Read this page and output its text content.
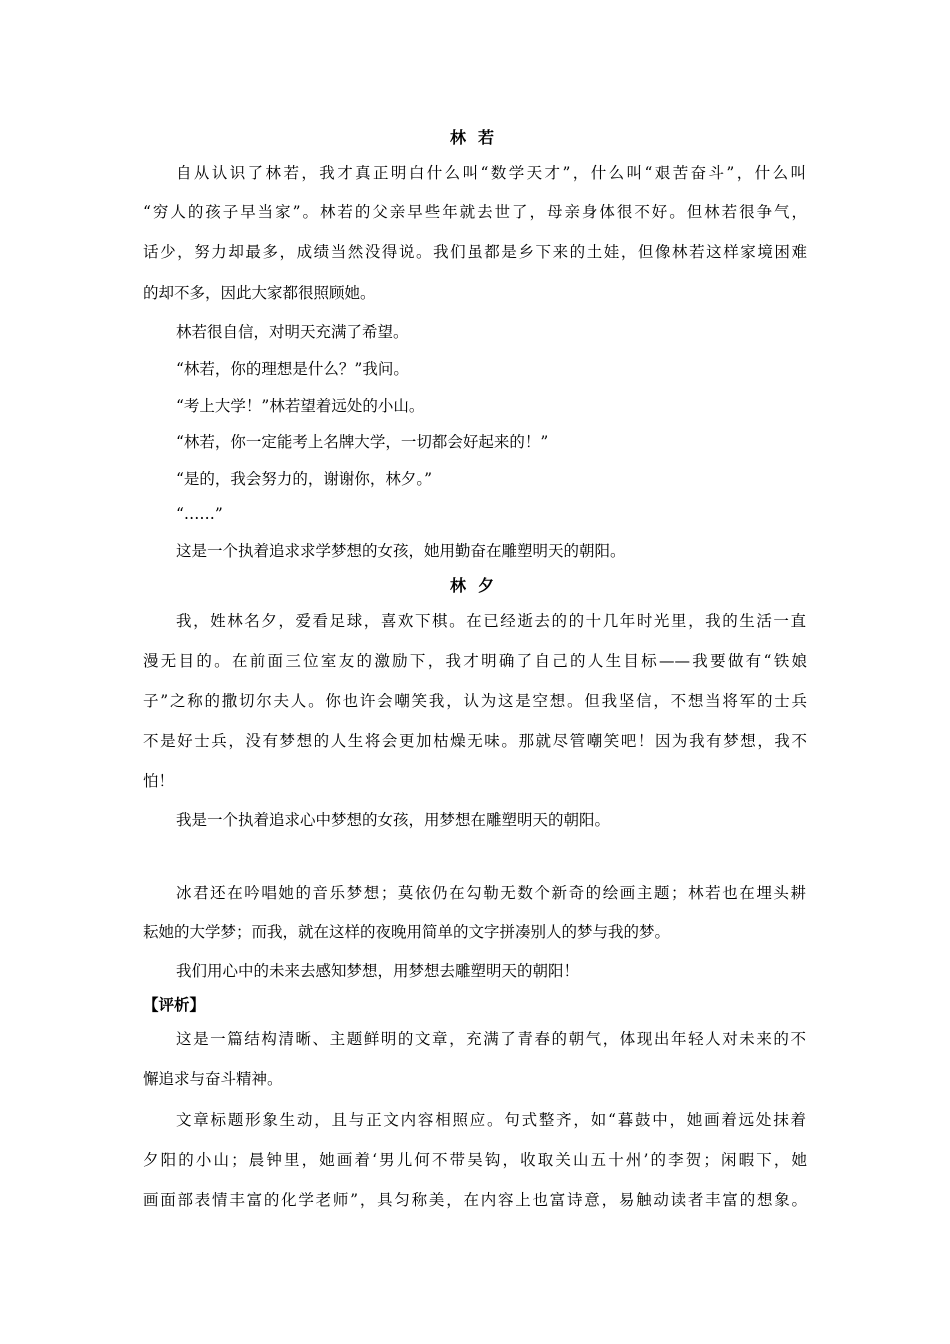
林若
自从认识了林若，我才真正明白什么叫“数学天才”，什么叫“艰苦奋斗”，什么叫
“穷人的孩子早当家”。林若的父亲早些年就去世了，母亲身体很不好。但林若很争气，
话少，努力却最多，成绩当然没得说。我们虽都是乡下来的土娃，但像林若这样家境困难
的却不多，因此大家都很照顾她。
林若很自信，对明天充满了希望。
“林若，你的理想是什么？”我问。
“考上大学！”林若望着远处的小山。
“林若，你一定能考上名牌大学，一切都会好起来的！”
“是的，我会努力的，谢谢你，林夕。”
“……”
这是一个执着追求求学梦想的女孩，她用勤奋在雕塑明天的朝阳。
林夕
我，姓林名夕，爱看足球，喜欢下棋。在已经逝去的的十几年时光里，我的生活一直
漫无目的。在前面三位室友的激励下，我才明确了自己的人生目标——我要做有“铁娘
子”之称的撒切尔夫人。你也许会嘲笑我，认为这是空想。但我坚信，不想当将军的士兵
不是好士兵，没有梦想的人生将会更加枯燥无味。那就尽管嘲笑吧！因为我有梦想，我不
怕！
我是一个执着追求心中梦想的女孩，用梦想在雕塑明天的朝阳。
冰君还在吟唱她的音乐梦想；莫依仍在勾勒无数个新奇的绘画主题；林若也在埋头耕
耘她的大学梦；而我，就在这样的夜晚用简单的文字拼凑别人的梦与我的梦。
我们用心中的未来去感知梦想，用梦想去雕塑明天的朝阳！
【评析】
这是一篇结构清晰、主题鲜明的文章，充满了青春的朝气，体现出年轻人对未来的不
懈追求与奋斗精神。
文章标题形象生动，且与正文内容相照应。句式整齐，如“暮鼓中，她画着远处抹着
夕阳的小山；晨钟里，她画着‘男儿何不带吴钩，收取关山五十州’的李贺；闲暇下，她
画面部表情丰富的化学老师”，具匀称美，在内容上也富诗意，易触动读者丰富的想象。
